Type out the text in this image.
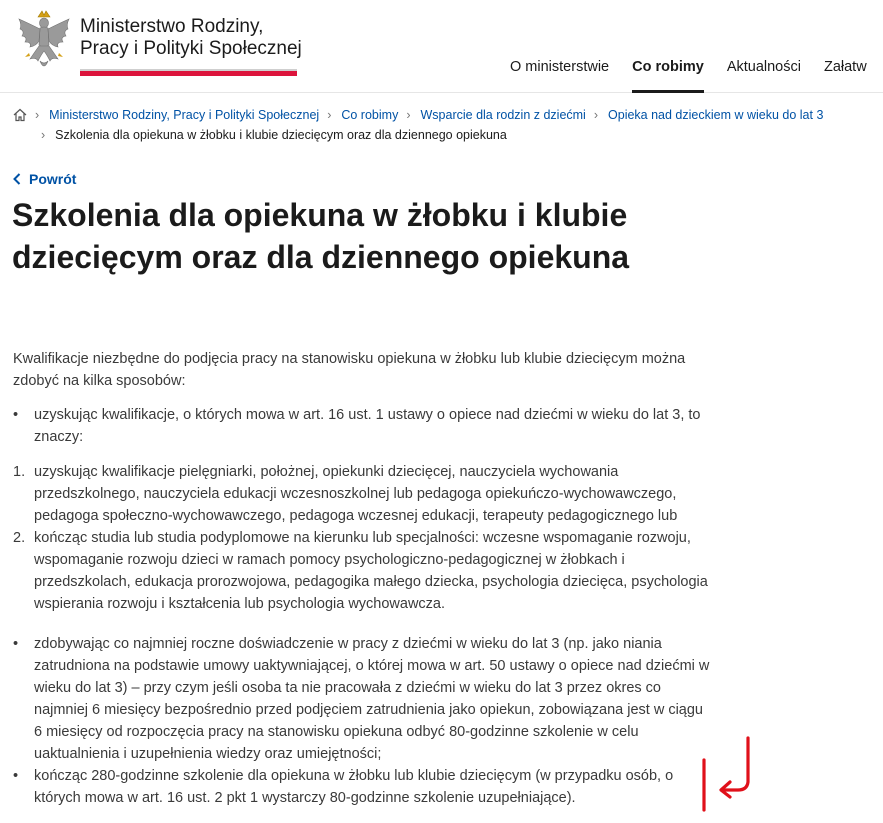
Ministerstwo Rodziny,
Pracy i Polityki Społecznej
O ministerstwie Co robimy Aktualności Załatw
› Ministerstwo Rodziny, Pracy i Polityki Społecznej › Co robimy › Wsparcie dla rodzin z dziećmi › Opieka nad dzieckiem w wieku do lat 3
› Szkolenia dla opiekuna w żłobku i klubie dziecięcym oraz dla dziennego opiekuna
Powrót
Szkolenia dla opiekuna w żłobku i klubie dziecięcym oraz dla dziennego opiekuna

Kwalifikacje niezbędne do podjęcia pracy na stanowisku opiekuna w żłobku lub klubie dziecięcym można zdobyć na kilka sposobów:

• uzyskując kwalifikacje, o których mowa w art. 16 ust. 1 ustawy o opiece nad dziećmi w wieku do lat 3, to znaczy:
1. uzyskując kwalifikacje pielęgniarki, położnej, opiekunki dziecięcej, nauczyciela wychowania przedszkolnego, nauczyciela edukacji wczesnoszkolnej lub pedagoga opiekuńczo-wychowawczego, pedagoga społeczno-wychowawczego, pedagoga wczesnej edukacji, terapeuty pedagogicznego lub
2. kończąc studia lub studia podyplomowe na kierunku lub specjalności: wczesne wspomaganie rozwoju, wspomaganie rozwoju dzieci w ramach pomocy psychologiczno-pedagogicznej w żłobkach i przedszkolach, edukacja prorozwojowa, pedagogika małego dziecka, psychologia dziecięca, psychologia wspierania rozwoju i kształcenia lub psychologia wychowawcza.
• zdobywając co najmniej roczne doświadczenie w pracy z dziećmi w wieku do lat 3 (np. jako niania zatrudniona na podstawie umowy uaktywniającej, o której mowa w art. 50 ustawy o opiece nad dziećmi w wieku do lat 3) – przy czym jeśli osoba ta nie pracowała z dziećmi w wieku do lat 3 przez okres co najmniej 6 miesięcy bezpośrednio przed podjęciem zatrudnienia jako opiekun, zobowiązana jest w ciągu 6 miesięcy od rozpoczęcia pracy na stanowisku opiekuna odbyć 80-godzinne szkolenie w celu uaktualnienia i uzupełnienia wiedzy oraz umiejętności;
• kończąc 280-godzinne szkolenie dla opiekuna w żłobku lub klubie dziecięcym (w przypadku osób, o których mowa w art. 16 ust. 2 pkt 1 wystarczy 80-godzinne szkolenie uzupełniające).
